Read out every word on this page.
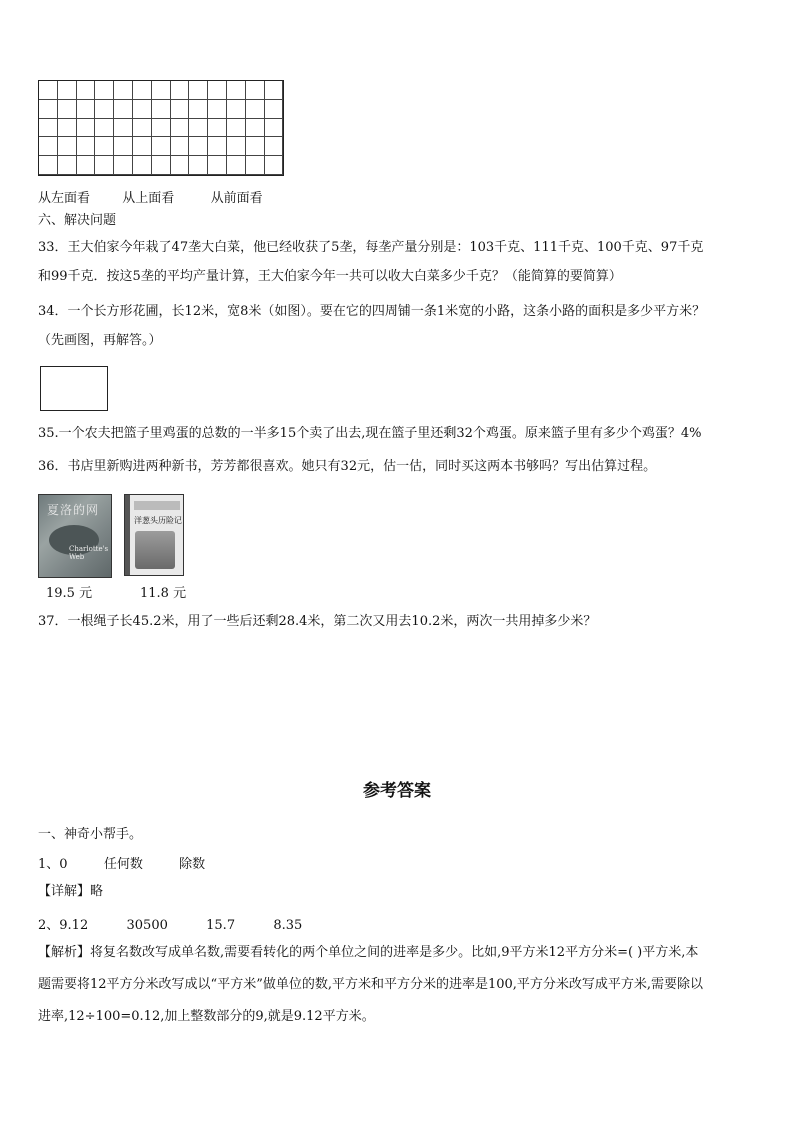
从左面看 从上面看	从前面看
六、解决问题
33．王大伯家今年栽了47垄大白菜，他已经收获了5垄，每垄产量分别是：103千克、111千克、100千克、97千克
和99千克．按这5垄的平均产量计算，王大伯家今年一共可以收大白菜多少千克？（能简算的要简算）
34．一个长方形花圃，长12米，宽8米（如图）。要在它的四周铺一条1米宽的小路，这条小路的面积是多少平方米？
（先画图，再解答。）
35.一个农夫把篮子里鸡蛋的总数的一半多15个卖了出去,现在篮子里还剩32个鸡蛋。原来篮子里有多少个鸡蛋？4%
36．书店里新购进两种新书，芳芳都很喜欢。她只有32元，估一估，同时买这两本书够吗？写出估算过程。
夏洛的网
Charlotte's Web
洋葱头历险记
19.5 元	11.8 元
37．一根绳子长45.2米，用了一些后还剩28.4米，第二次又用去10.2米，两次一共用掉多少米？
参考答案
一、神奇小帮手。
1、0	任何数	除数
【详解】略
2、9.12	30500	15.7	8.35
【解析】将复名数改写成单名数,需要看转化的两个单位之间的进率是多少。比如,9平方米12平方分米=( )平方米,本
题需要将12平方分米改写成以“平方米”做单位的数,平方米和平方分米的进率是100,平方分米改写成平方米,需要除以
进率,12÷100=0.12,加上整数部分的9,就是9.12平方米。
